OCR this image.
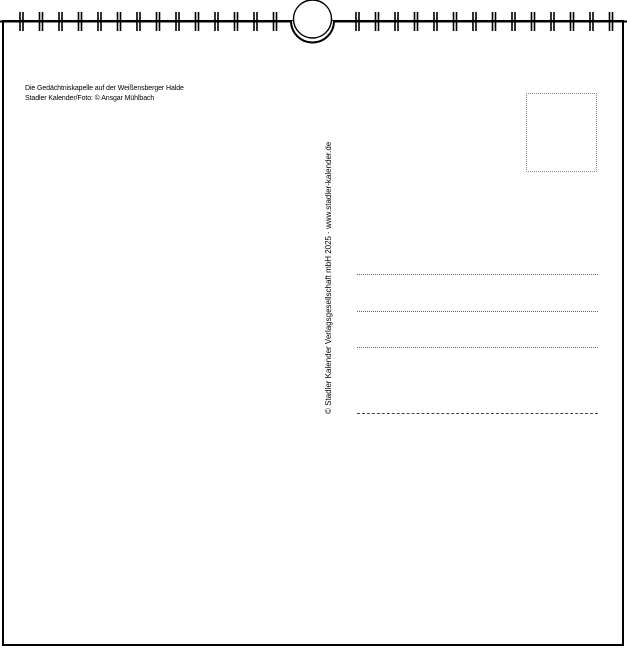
Die Gedächtniskapelle auf der Weißensberger Halde
Stadler Kalender/Foto: © Ansgar Mühlbach
© Stadler Kalender Verlagsgesellschaft mbH 2025 · www.stadler-kalender.de
